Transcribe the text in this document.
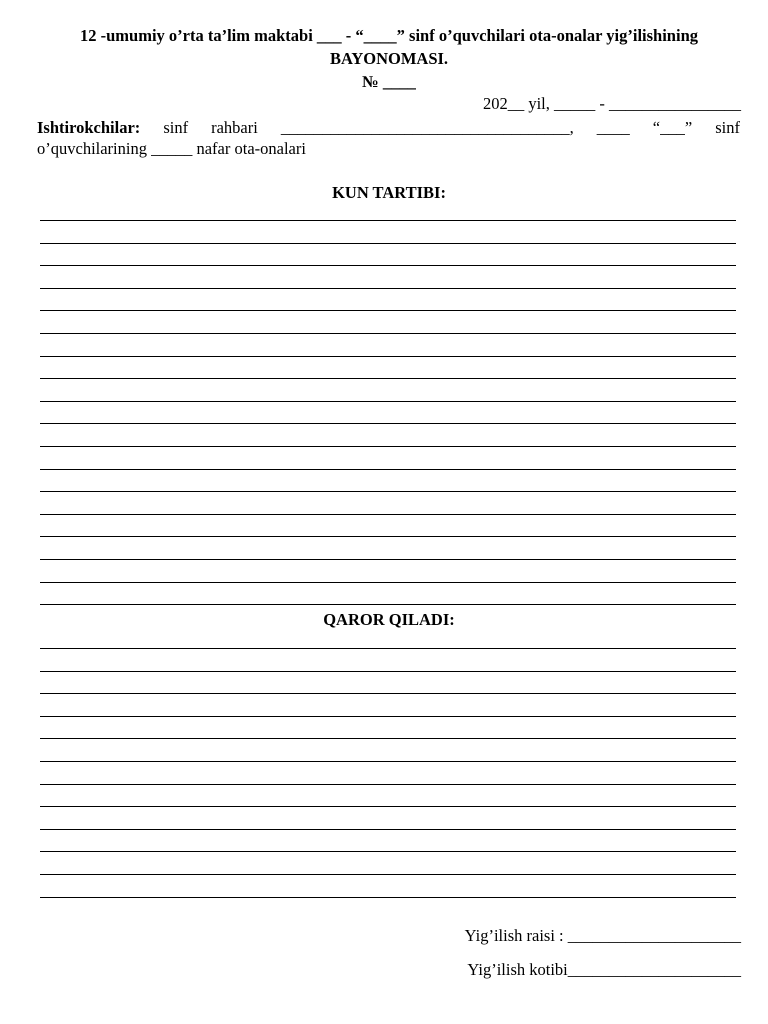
12 -umumiy o’rta ta’lim maktabi ___ - “____” sinf o’quvchilari ota-onalar yig’ilishining
BAYONOMASI.
№ ____
202__ yil, _____ - ________________
Ishtirokchilar: sinf rahbari ___________________________________, ____ “___” sinf
o’quvchilarining _____ nafar ota-onalari
KUN TARTIBI:
QAROR QILADI:
Yig’ilish raisi : _____________________
Yig’ilish kotibi_____________________
